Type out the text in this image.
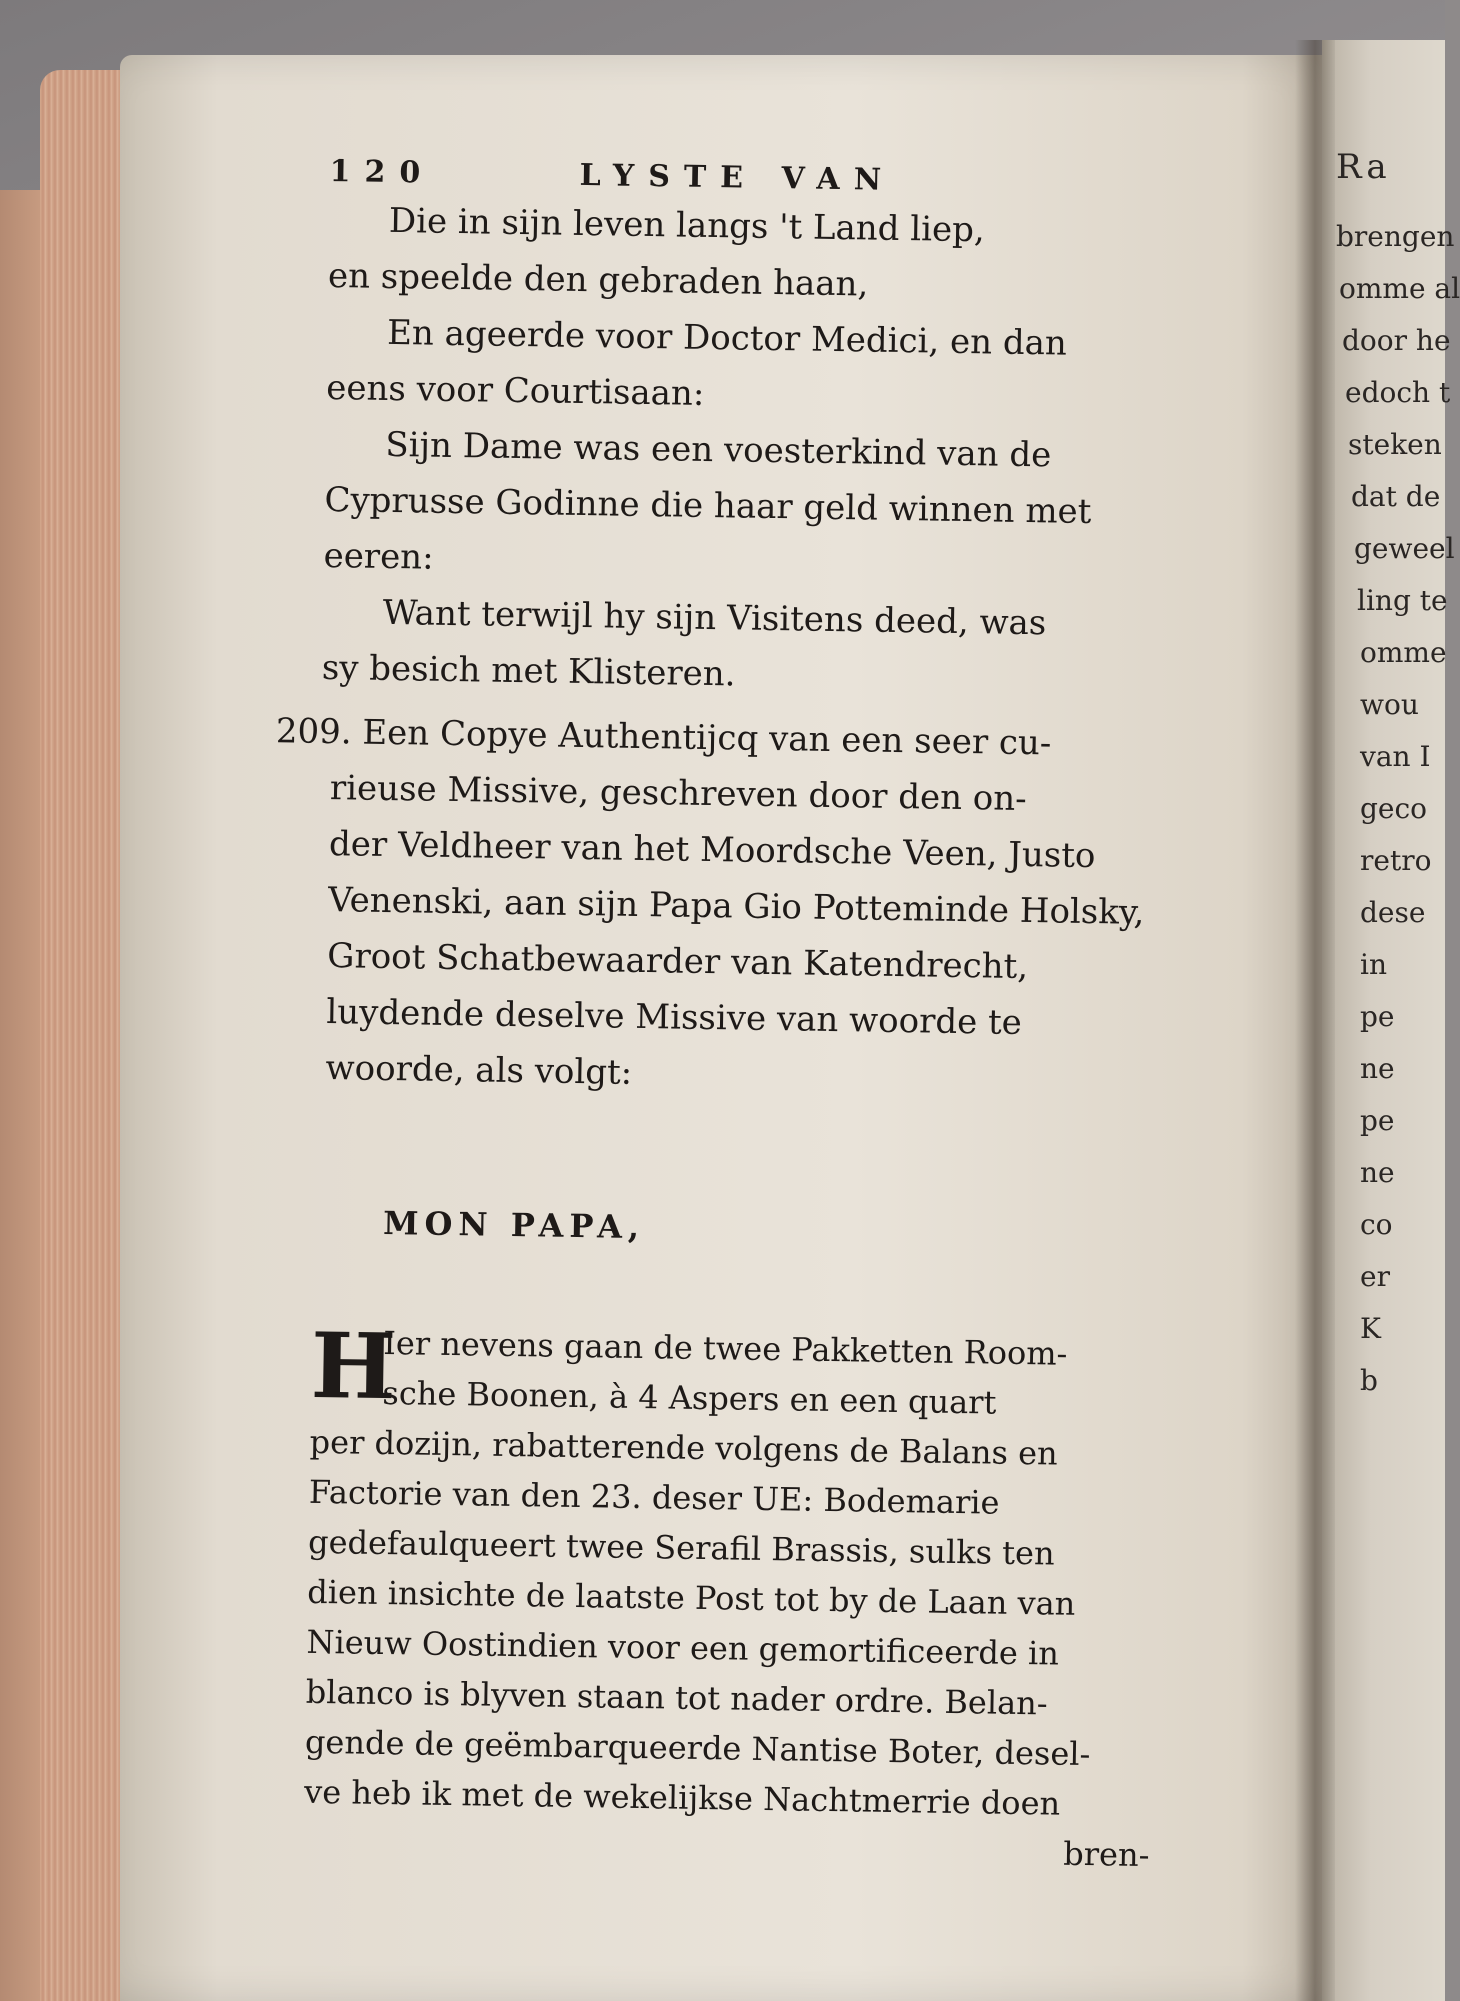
Ra
brengen
omme al
door he
edoch t
steken
dat de
geweel
ling te
omme
wou
van I
geco
retro
dese
in
pe
ne
pe
ne
co
er
K
b
120	LYSTE VAN
Die in sijn leven langs 't Land liep,
en speelde den gebraden haan,
En ageerde voor Doctor Medici, en dan
eens voor Courtisaan:
Sijn Dame was een voesterkind van de
Cyprusse Godinne die haar geld winnen met
eeren:
Want terwijl hy sijn Visitens deed, was
sy besich met Klisteren.
209. Een Copye Authentijcq van een seer cu-
rieuse Missive, geschreven door den on-
der Veldheer van het Moordsche Veen, Justo
Venenski, aan sijn Papa Gio Potteminde Holsky,
Groot Schatbewaarder van Katendrecht,
luydende deselve Missive van woorde te
woorde, als volgt:
MON PAPA,
H
Ier nevens gaan de twee Pakketten Room-
sche Boonen, à 4 Aspers en een quart
per dozijn, rabatterende volgens de Balans en
Factorie van den 23. deser UE: Bodemarie
gedefaulqueert twee Serafil Brassis, sulks ten
dien insichte de laatste Post tot by de Laan van
Nieuw Oostindien voor een gemortificeerde in
blanco is blyven staan tot nader ordre. Belan-
gende de geëmbarqueerde Nantise Boter, desel-
ve heb ik met de wekelijkse Nachtmerrie doen
bren-
